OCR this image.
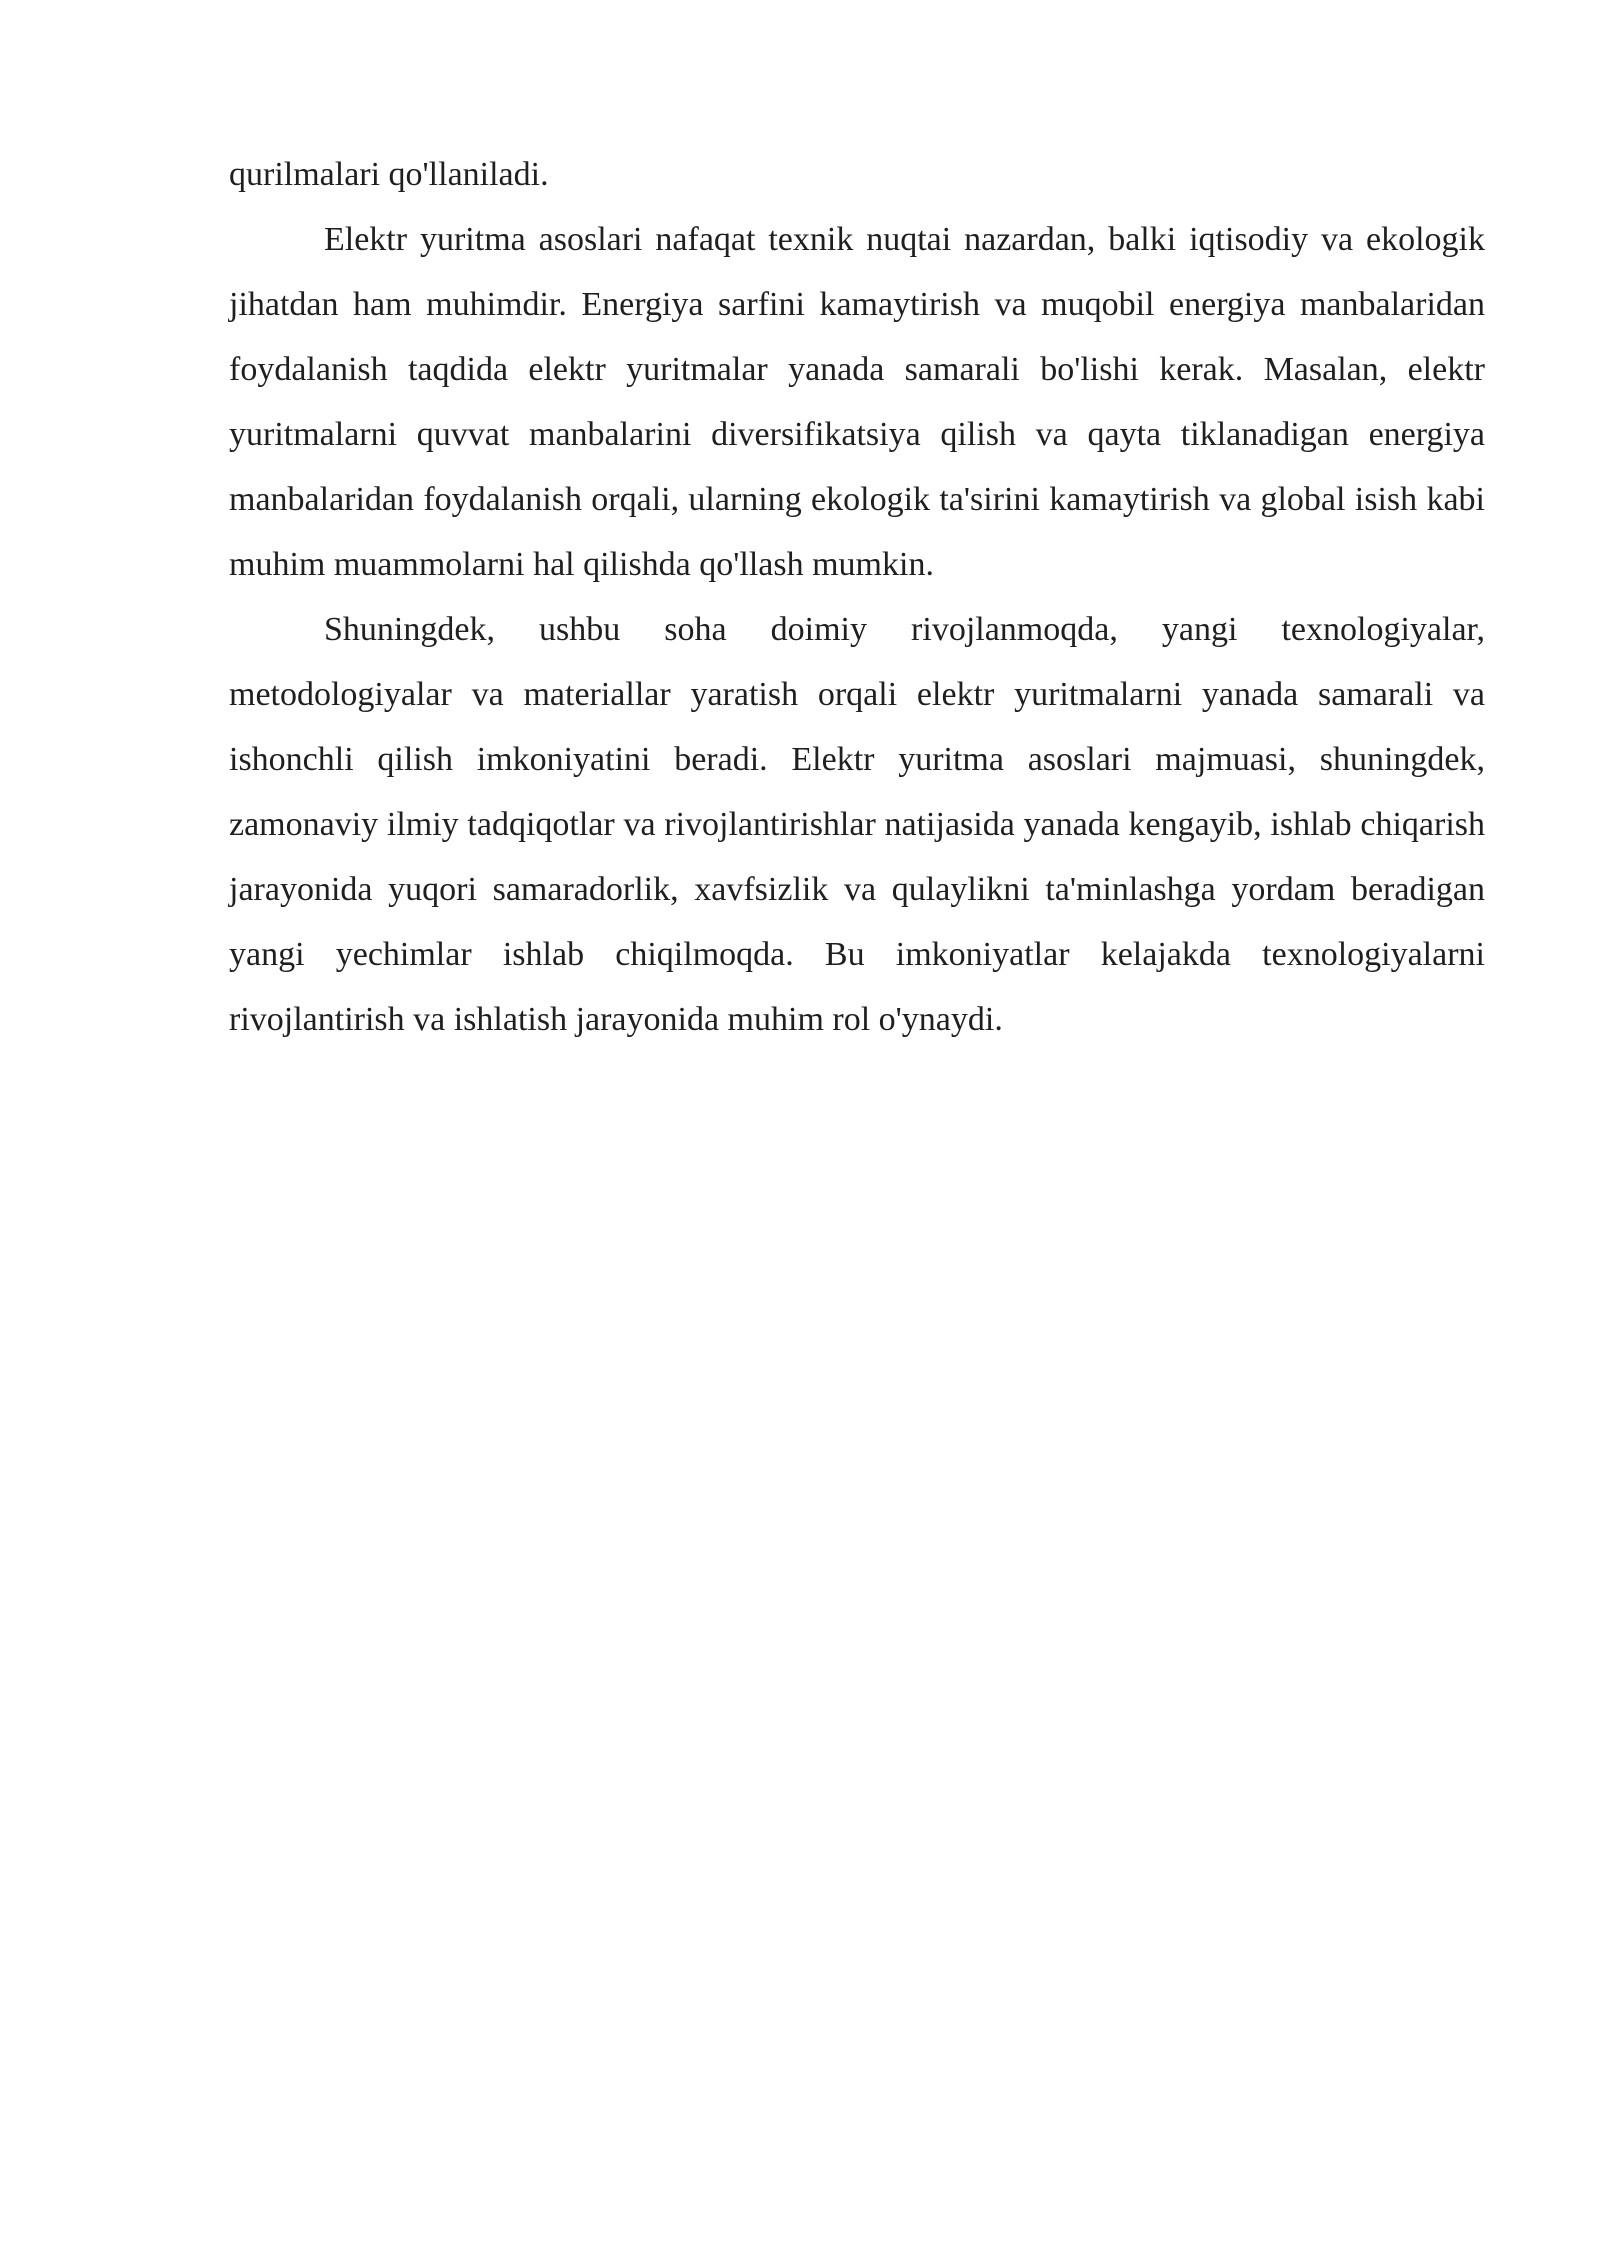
qurilmalari qo'llaniladi.

Elektr yuritma asoslari nafaqat texnik nuqtai nazardan, balki iqtisodiy va ekologik jihatdan ham muhimdir. Energiya sarfini kamaytirish va muqobil energiya manbalaridan foydalanish taqdida elektr yuritmalar yanada samarali bo'lishi kerak. Masalan, elektr yuritmalarni quvvat manbalarini diversifikatsiya qilish va qayta tiklanadigan energiya manbalaridan foydalanish orqali, ularning ekologik ta'sirini kamaytirish va global isish kabi muhim muammolarni hal qilishda qo'llash mumkin.

Shuningdek, ushbu soha doimiy rivojlanmoqda, yangi texnologiyalar, metodologiyalar va materiallar yaratish orqali elektr yuritmalarni yanada samarali va ishonchli qilish imkoniyatini beradi. Elektr yuritma asoslari majmuasi, shuningdek, zamonaviy ilmiy tadqiqotlar va rivojlantirishlar natijasida yanada kengayib, ishlab chiqarish jarayonida yuqori samaradorlik, xavfsizlik va qulaylikni ta'minlashga yordam beradigan yangi yechimlar ishlab chiqilmoqda. Bu imkoniyatlar kelajakda texnologiyalarni rivojlantirish va ishlatish jarayonida muhim rol o'ynaydi.
